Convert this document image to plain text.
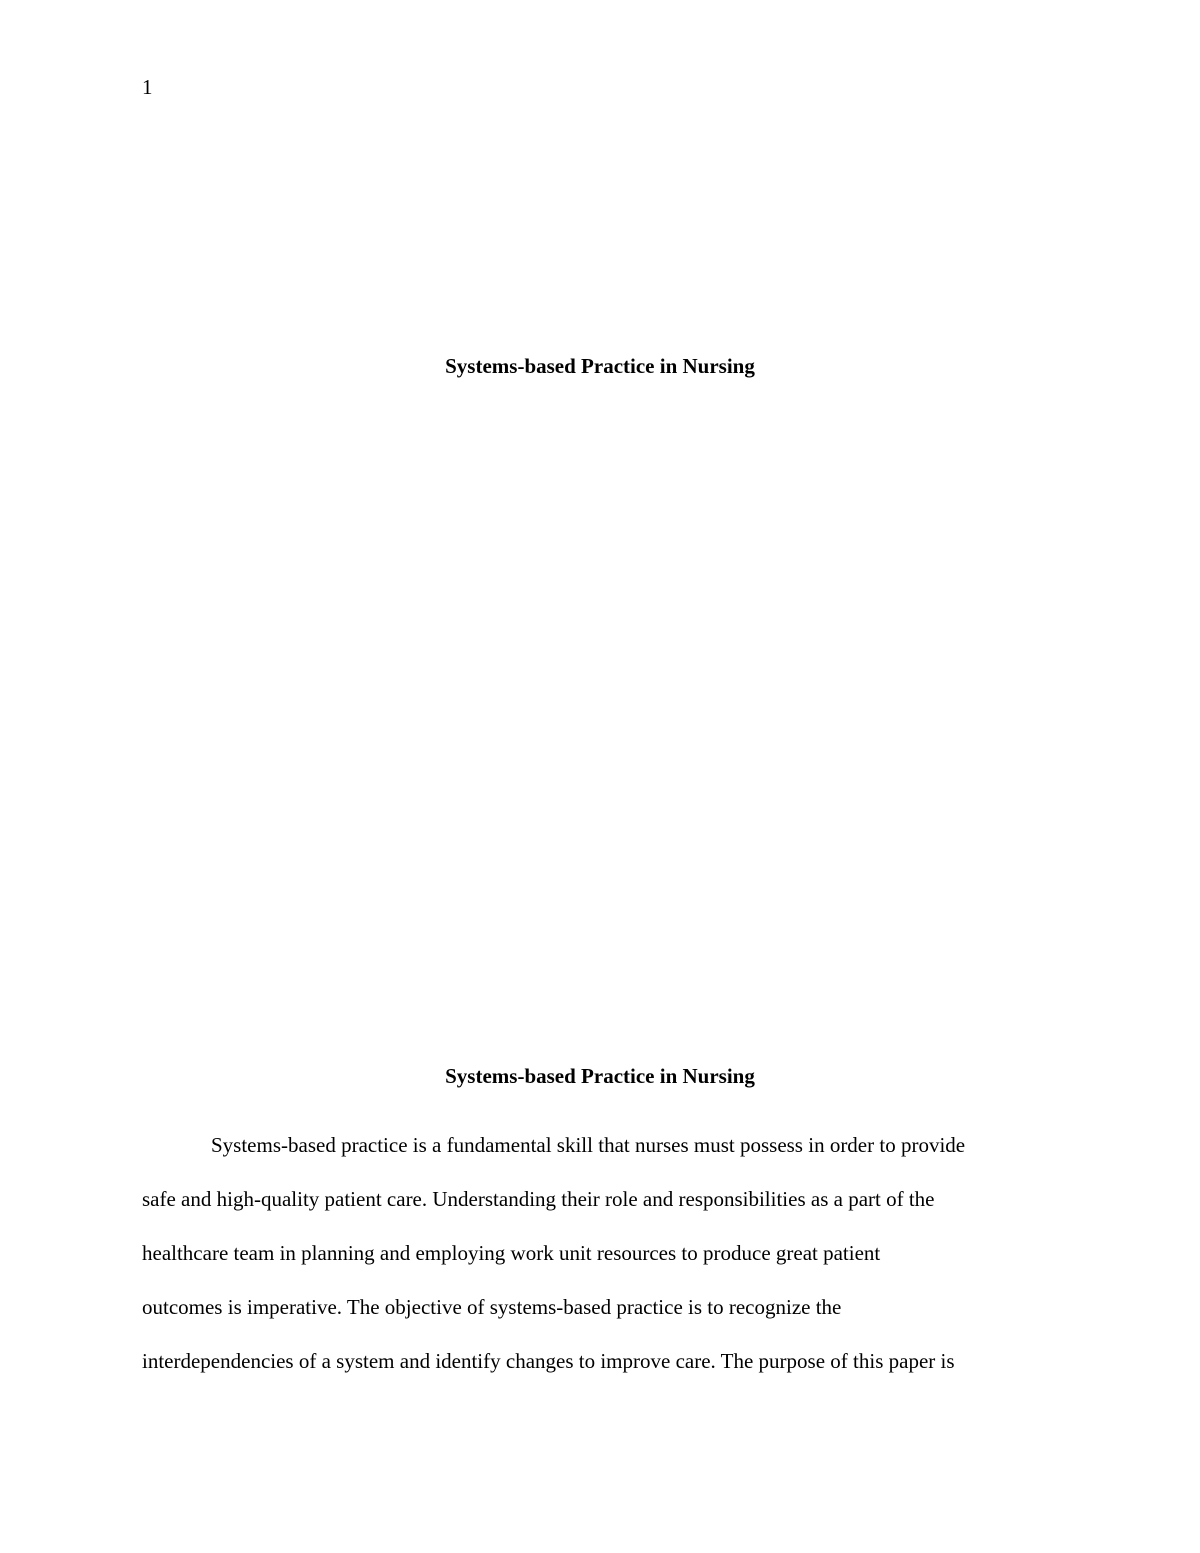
1
Systems-based Practice in Nursing
Systems-based Practice in Nursing
Systems-based practice is a fundamental skill that nurses must possess in order to provide
safe and high-quality patient care. Understanding their role and responsibilities as a part of the
healthcare team in planning and employing work unit resources to produce great patient
outcomes is imperative. The objective of systems-based practice is to recognize the
interdependencies of a system and identify changes to improve care. The purpose of this paper is
